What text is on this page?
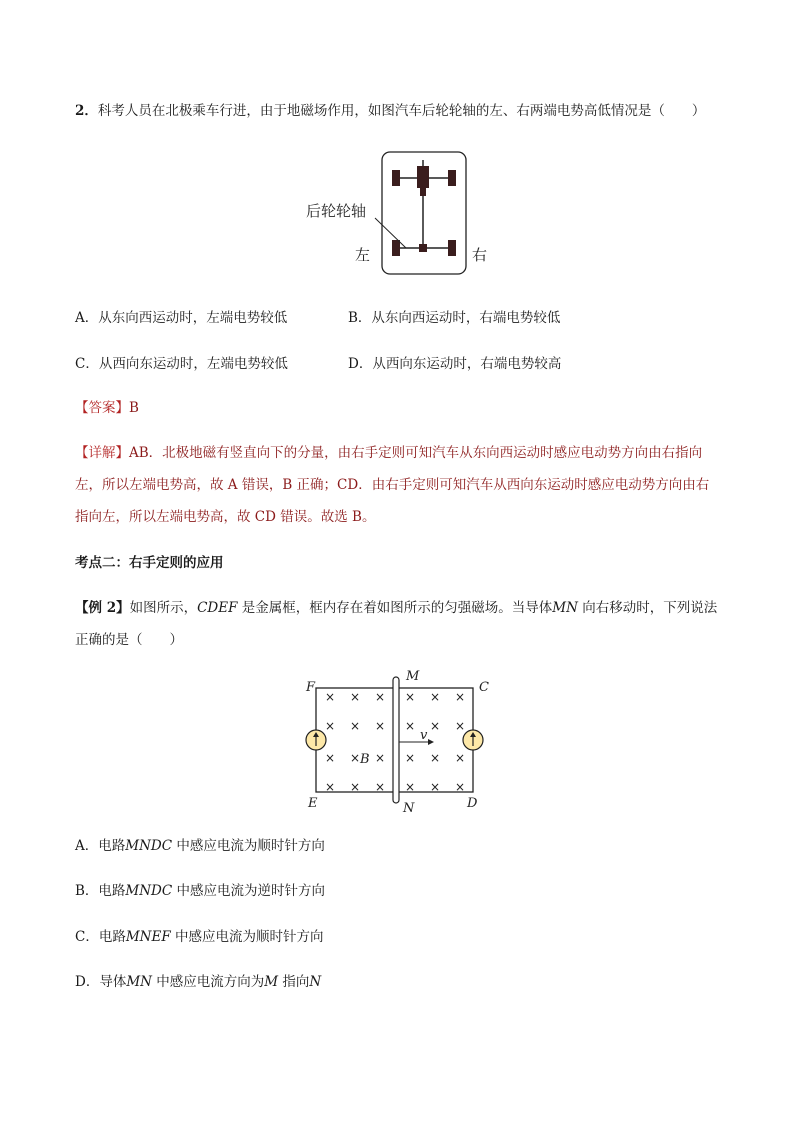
2．科考人员在北极乘车行进，由于地磁场作用，如图汽车后轮轮轴的左、右两端电势高低情况是（　　）
后轮轮轴
左	右
A．从东向西运动时，左端电势较低	B．从东向西运动时，右端电势较低
C．从西向东运动时，左端电势较低	D．从西向东运动时，右端电势较高
【答案】B
【详解】AB．北极地磁有竖直向下的分量，由右手定则可知汽车从东向西运动时感应电动势方向由右指向
左，所以左端电势高，故 A 错误，B 正确；CD．由右手定则可知汽车从西向东运动时感应电动势方向由右
指向左，所以左端电势高，故 CD 错误。故选 B。
考点二：右手定则的应用
【例 2】如图所示，CDEF 是金属框，框内存在着如图所示的匀强磁场。当导体MN 向右移动时，下列说法
正确的是（　　）
× × × × × ×
× × × × × ×
× × × × × ×
× × × × × ×
v
B
F	C
E	D
M
N
A．电路MNDC 中感应电流为顺时针方向
B．电路MNDC 中感应电流为逆时针方向
C．电路MNEF 中感应电流为顺时针方向
D．导体MN 中感应电流方向为M 指向N
